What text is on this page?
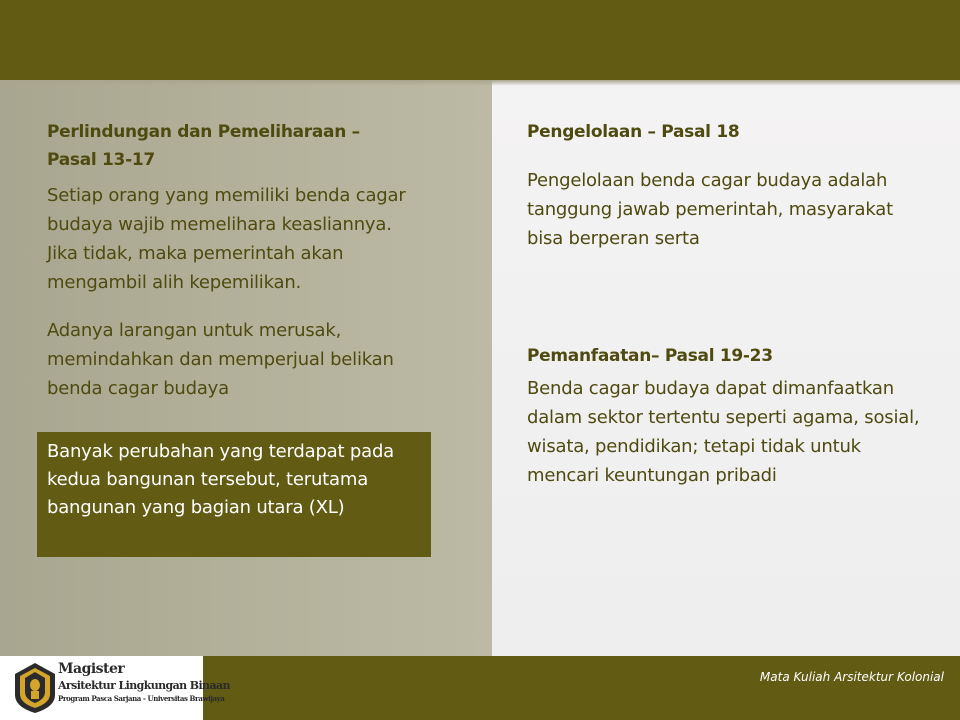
Perlindungan dan Pemeliharaan – Pasal 13-17
Setiap orang yang memiliki benda cagar budaya wajib memelihara keasliannya. Jika tidak, maka pemerintah akan mengambil alih kepemilikan.
Adanya larangan untuk merusak, memindahkan dan memperjual belikan benda cagar budaya
Banyak perubahan yang terdapat pada kedua bangunan tersebut, terutama bangunan yang bagian utara (XL)
Pengelolaan – Pasal 18
Pengelolaan benda cagar budaya adalah tanggung jawab pemerintah, masyarakat bisa berperan serta
Pemanfaatan– Pasal 19-23
Benda cagar budaya dapat dimanfaatkan dalam sektor tertentu seperti agama, sosial, wisata, pendidikan; tetapi tidak untuk mencari keuntungan pribadi
Magister
Arsitektur Lingkungan Binaan
Program Pasca Sarjana - Universitas Brawijaya
Mata Kuliah Arsitektur Kolonial
